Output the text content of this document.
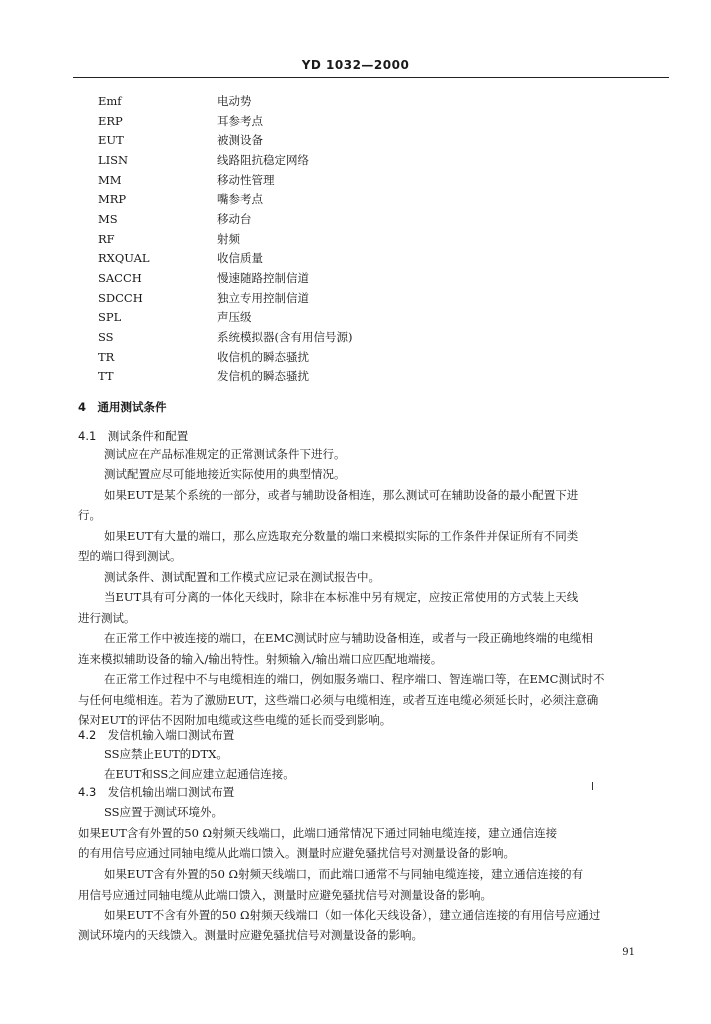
YD 1032—2000
Emf	电动势
ERP	耳参考点
EUT	被测设备
LISN	线路阻抗稳定网络
MM	移动性管理
MRP	嘴参考点
MS	移动台
RF	射频
RXQUAL	收信质量
SACCH	慢速随路控制信道
SDCCH	独立专用控制信道
SPL	声压级
SS	系统模拟器(含有用信号源)
TR	收信机的瞬态骚扰
TT	发信机的瞬态骚扰
4　通用测试条件
4.1　测试条件和配置
测试应在产品标准规定的正常测试条件下进行。
测试配置应尽可能地接近实际使用的典型情况。
如果EUT是某个系统的一部分，或者与辅助设备相连，那么测试可在辅助设备的最小配置下进
行。
如果EUT有大量的端口，那么应选取充分数量的端口来模拟实际的工作条件并保证所有不同类
型的端口得到测试。
测试条件、测试配置和工作模式应记录在测试报告中。
当EUT具有可分离的一体化天线时，除非在本标准中另有规定，应按正常使用的方式装上天线
进行测试。
在正常工作中被连接的端口，在EMC测试时应与辅助设备相连，或者与一段正确地终端的电缆相
连来模拟辅助设备的输入/输出特性。射频输入/输出端口应匹配地端接。
在正常工作过程中不与电缆相连的端口，例如服务端口、程序端口、智连端口等，在EMC测试时不
与任何电缆相连。若为了激励EUT，这些端口必须与电缆相连，或者互连电缆必须延长时，必须注意确
保对EUT的评估不因附加电缆或这些电缆的延长而受到影响。
4.2　发信机输入端口测试布置
SS应禁止EUT的DTX。
在EUT和SS之间应建立起通信连接。
4.3　发信机输出端口测试布置
SS应置于测试环境外。
如果EUT含有外置的50 Ω射频天线端口，此端口通常情况下通过同轴电缆连接，建立通信连接
的有用信号应通过同轴电缆从此端口馈入。测量时应避免骚扰信号对测量设备的影响。
如果EUT含有外置的50 Ω射频天线端口，而此端口通常不与同轴电缆连接，建立通信连接的有
用信号应通过同轴电缆从此端口馈入，测量时应避免骚扰信号对测量设备的影响。
如果EUT不含有外置的50 Ω射频天线端口（如一体化天线设备），建立通信连接的有用信号应通过
测试环境内的天线馈入。测量时应避免骚扰信号对测量设备的影响。
91
